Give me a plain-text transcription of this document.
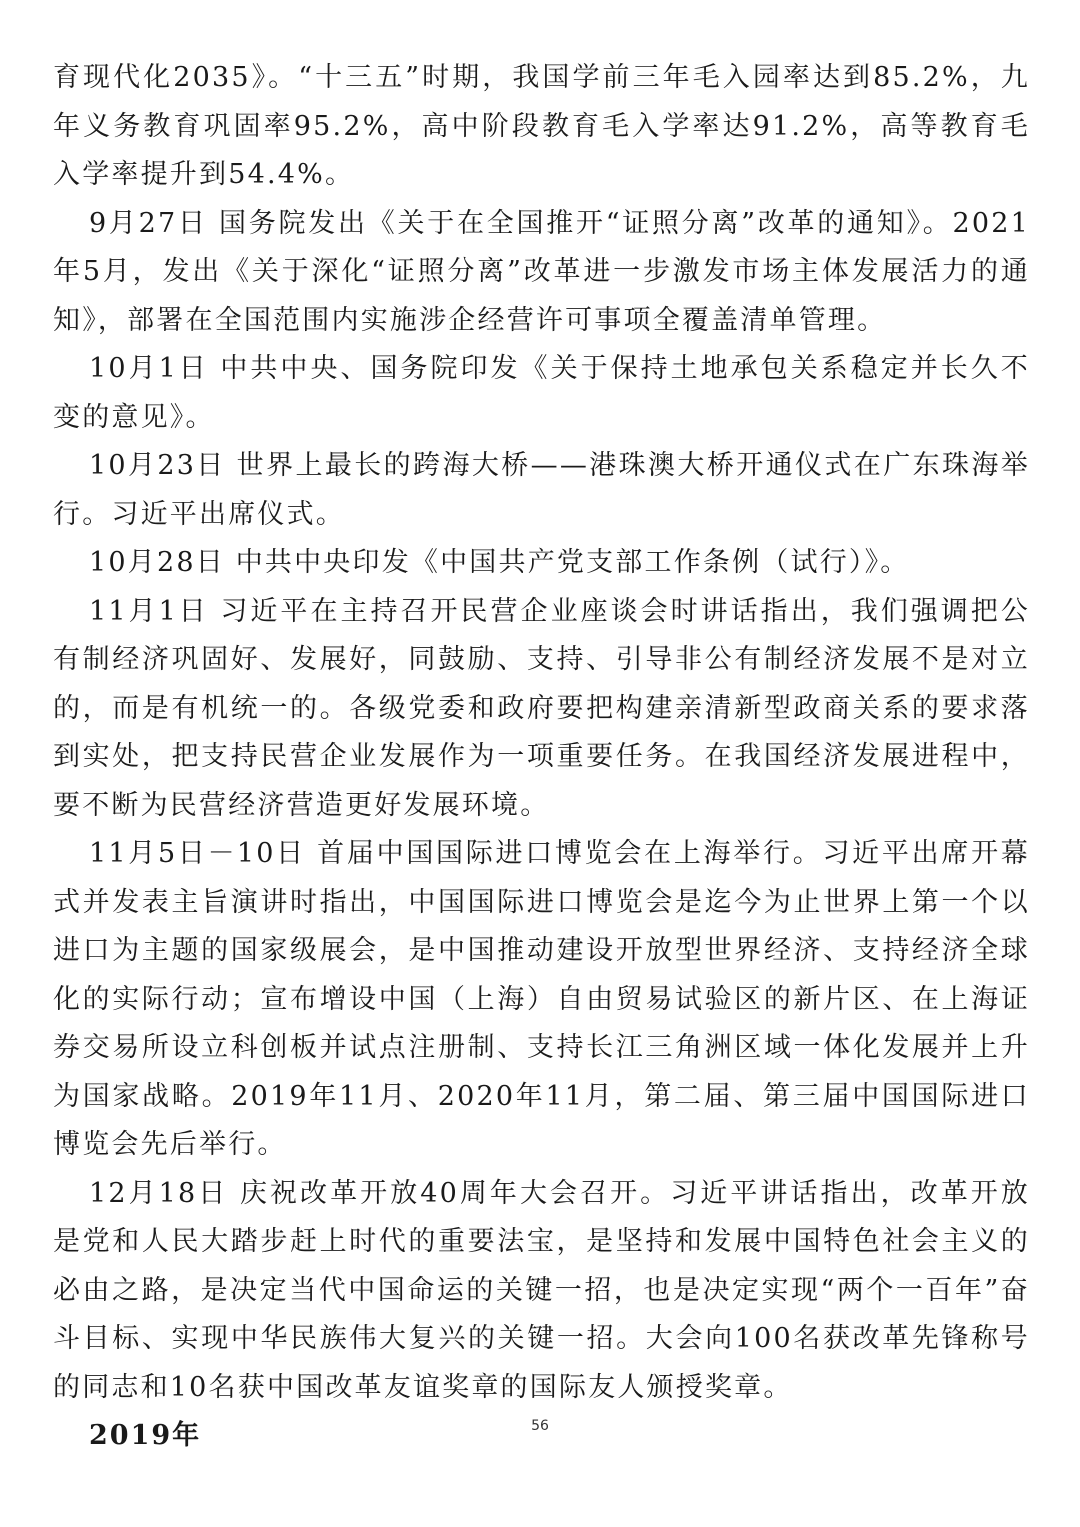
育现代化2035》。“十三五”时期，我国学前三年毛入园率达到85.2%，九年义务教育巩固率95.2%，高中阶段教育毛入学率达91.2%，高等教育毛入学率提升到54.4%。

9月27日 国务院发出《关于在全国推开“证照分离”改革的通知》。2021年5月，发出《关于深化“证照分离”改革进一步激发市场主体发展活力的通知》，部署在全国范围内实施涉企经营许可事项全覆盖清单管理。

10月1日 中共中央、国务院印发《关于保持土地承包关系稳定并长久不变的意见》。

10月23日 世界上最长的跨海大桥——港珠澳大桥开通仪式在广东珠海举行。习近平出席仪式。

10月28日 中共中央印发《中国共产党支部工作条例（试行）》。

11月1日 习近平在主持召开民营企业座谈会时讲话指出，我们强调把公有制经济巩固好、发展好，同鼓励、支持、引导非公有制经济发展不是对立的，而是有机统一的。各级党委和政府要把构建亲清新型政商关系的要求落到实处，把支持民营企业发展作为一项重要任务。在我国经济发展进程中，要不断为民营经济营造更好发展环境。

11月5日－10日 首届中国国际进口博览会在上海举行。习近平出席开幕式并发表主旨演讲时指出，中国国际进口博览会是迄今为止世界上第一个以进口为主题的国家级展会，是中国推动建设开放型世界经济、支持经济全球化的实际行动；宣布增设中国（上海）自由贸易试验区的新片区、在上海证券交易所设立科创板并试点注册制、支持长江三角洲区域一体化发展并上升为国家战略。2019年11月、2020年11月，第二届、第三届中国国际进口博览会先后举行。

12月18日 庆祝改革开放40周年大会召开。习近平讲话指出，改革开放是党和人民大踏步赶上时代的重要法宝，是坚持和发展中国特色社会主义的必由之路，是决定当代中国命运的关键一招，也是决定实现“两个一百年”奋斗目标、实现中华民族伟大复兴的关键一招。大会向100名获改革先锋称号的同志和10名获中国改革友谊奖章的国际友人颁授奖章。

2019年	56
